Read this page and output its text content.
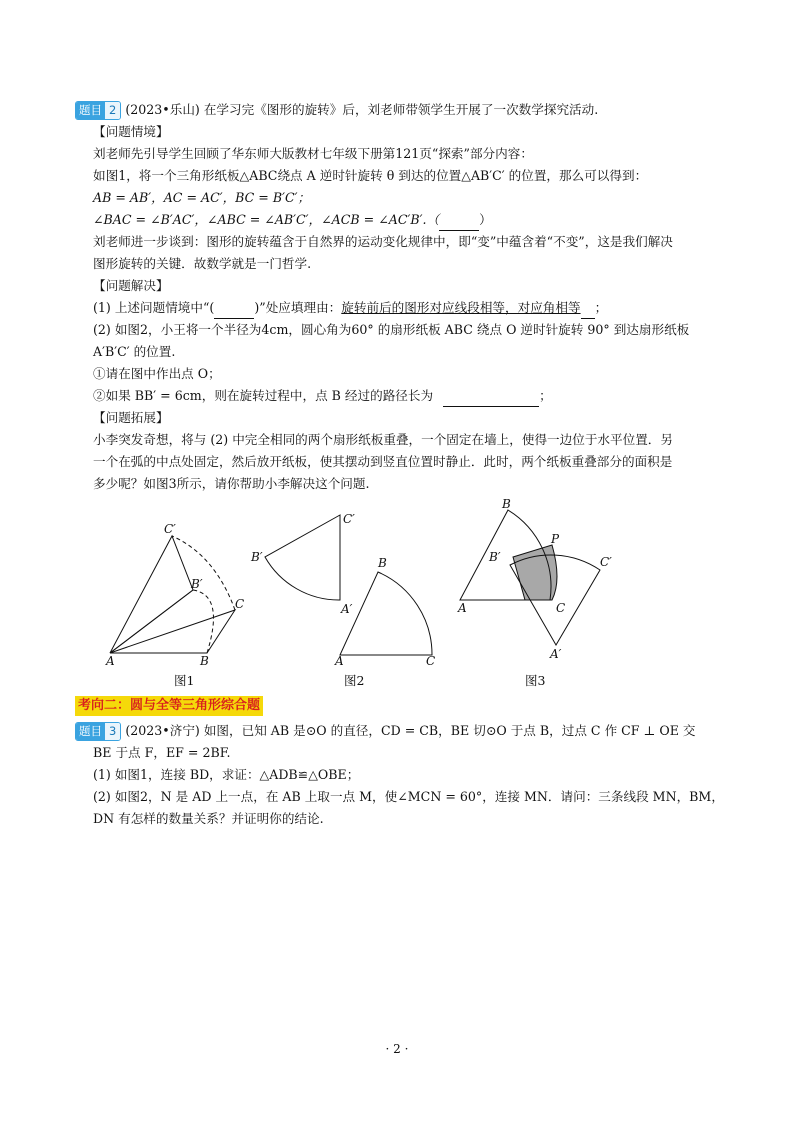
题目 2 (2023•乐山) 在学习完《图形的旋转》后，刘老师带领学生开展了一次数学探究活动.
【问题情境】
刘老师先引导学生回顾了华东师大版教材七年级下册第121页“探索”部分内容：
如图1，将一个三角形纸板△ABC绕点 A 逆时针旋转 θ 到达的位置△AB′C′ 的位置，那么可以得到：
AB = AB′，AC = AC′，BC = B′C′；
∠BAC = ∠B′AC′，∠ABC = ∠AB′C′，∠ACB = ∠AC′B′.（	）
刘老师进一步谈到：图形的旋转蕴含于自然界的运动变化规律中，即“变”中蕴含着“不变”，这是我们解决
图形旋转的关键．故数学就是一门哲学.
【问题解决】
(1) 上述问题情境中“(	)”处应填理由：旋转前后的图形对应线段相等，对应角相等 ；
(2) 如图2，小王将一个半径为4cm，圆心角为60° 的扇形纸板 ABC 绕点 O 逆时针旋转 90° 到达扇形纸板
A′B′C′ 的位置.
①请在图中作出点 O；
②如果 BB′ = 6cm，则在旋转过程中，点 B 经过的路径长为	；
【问题拓展】
小李突发奇想，将与 (2) 中完全相同的两个扇形纸板重叠，一个固定在墙上，使得一边位于水平位置．另
一个在弧的中点处固定，然后放开纸板，使其摆动到竖直位置时静止．此时，两个纸板重叠部分的面积是
多少呢？如图3所示，请你帮助小李解决这个问题.
C′
B′
C
A	B
C′
B′
A′
B
A	C
B
P
B′	C′
A	C
A′
图1	图2	图3
考向二：圆与全等三角形综合题
题目 3 (2023•济宁) 如图，已知 AB 是⊙O 的直径，CD = CB，BE 切⊙O 于点 B，过点 C 作 CF ⊥ OE 交
BE 于点 F，EF = 2BF.
(1) 如图1，连接 BD，求证：△ADB≌△OBE；
(2) 如图2，N 是 AD 上一点，在 AB 上取一点 M，使∠MCN = 60°，连接 MN．请问：三条线段 MN，BM，
DN 有怎样的数量关系？并证明你的结论.
· 2 ·
